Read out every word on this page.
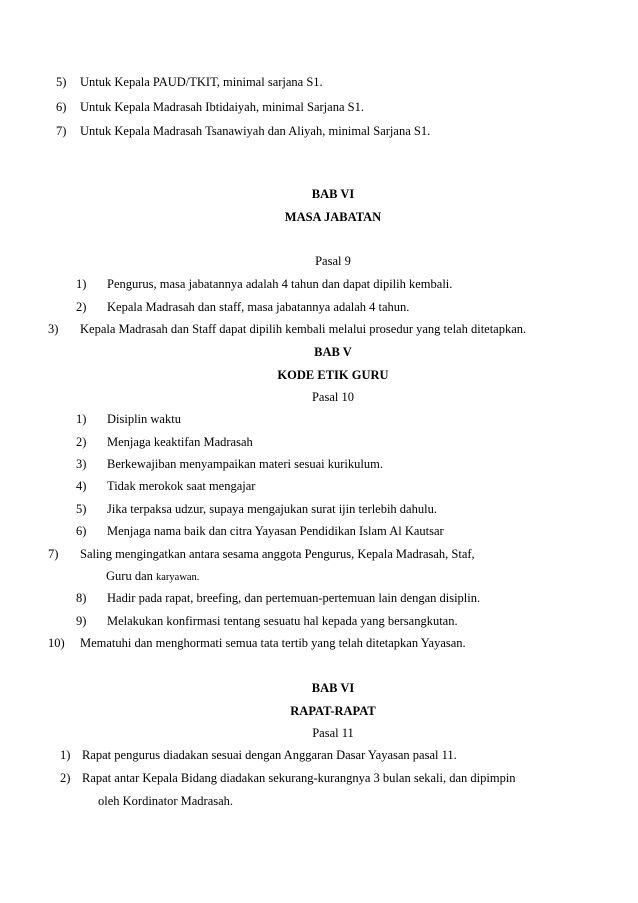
5) Untuk Kepala PAUD/TKIT, minimal sarjana S1.
6) Untuk Kepala Madrasah Ibtidaiyah, minimal Sarjana S1.
7) Untuk Kepala Madrasah Tsanawiyah dan Aliyah, minimal Sarjana S1.
BAB VI
MASA JABATAN
Pasal 9
1) Pengurus, masa jabatannya adalah 4 tahun dan dapat dipilih kembali.
2) Kepala Madrasah dan staff, masa jabatannya adalah 4 tahun.
3) Kepala Madrasah dan Staff dapat dipilih kembali melalui prosedur yang telah ditetapkan.
BAB V
KODE ETIK GURU
Pasal 10
1) Disiplin waktu
2) Menjaga keaktifan Madrasah
3) Berkewajiban menyampaikan materi sesuai kurikulum.
4) Tidak merokok saat mengajar
5) Jika terpaksa udzur, supaya mengajukan surat ijin terlebih dahulu.
6) Menjaga nama baik dan citra Yayasan Pendidikan Islam Al Kautsar
7) Saling mengingatkan antara sesama anggota Pengurus, Kepala Madrasah, Staf,
Guru dan karyawan.
8) Hadir pada rapat, breefing, dan pertemuan-pertemuan lain dengan disiplin.
9) Melakukan konfirmasi tentang sesuatu hal kepada yang bersangkutan.
10) Mematuhi dan menghormati semua tata tertib yang telah ditetapkan Yayasan.
BAB VI
RAPAT-RAPAT
Pasal 11
1) Rapat pengurus diadakan sesuai dengan Anggaran Dasar Yayasan pasal 11.
2) Rapat antar Kepala Bidang diadakan sekurang-kurangnya 3 bulan sekali, dan dipimpin
oleh Kordinator Madrasah.
